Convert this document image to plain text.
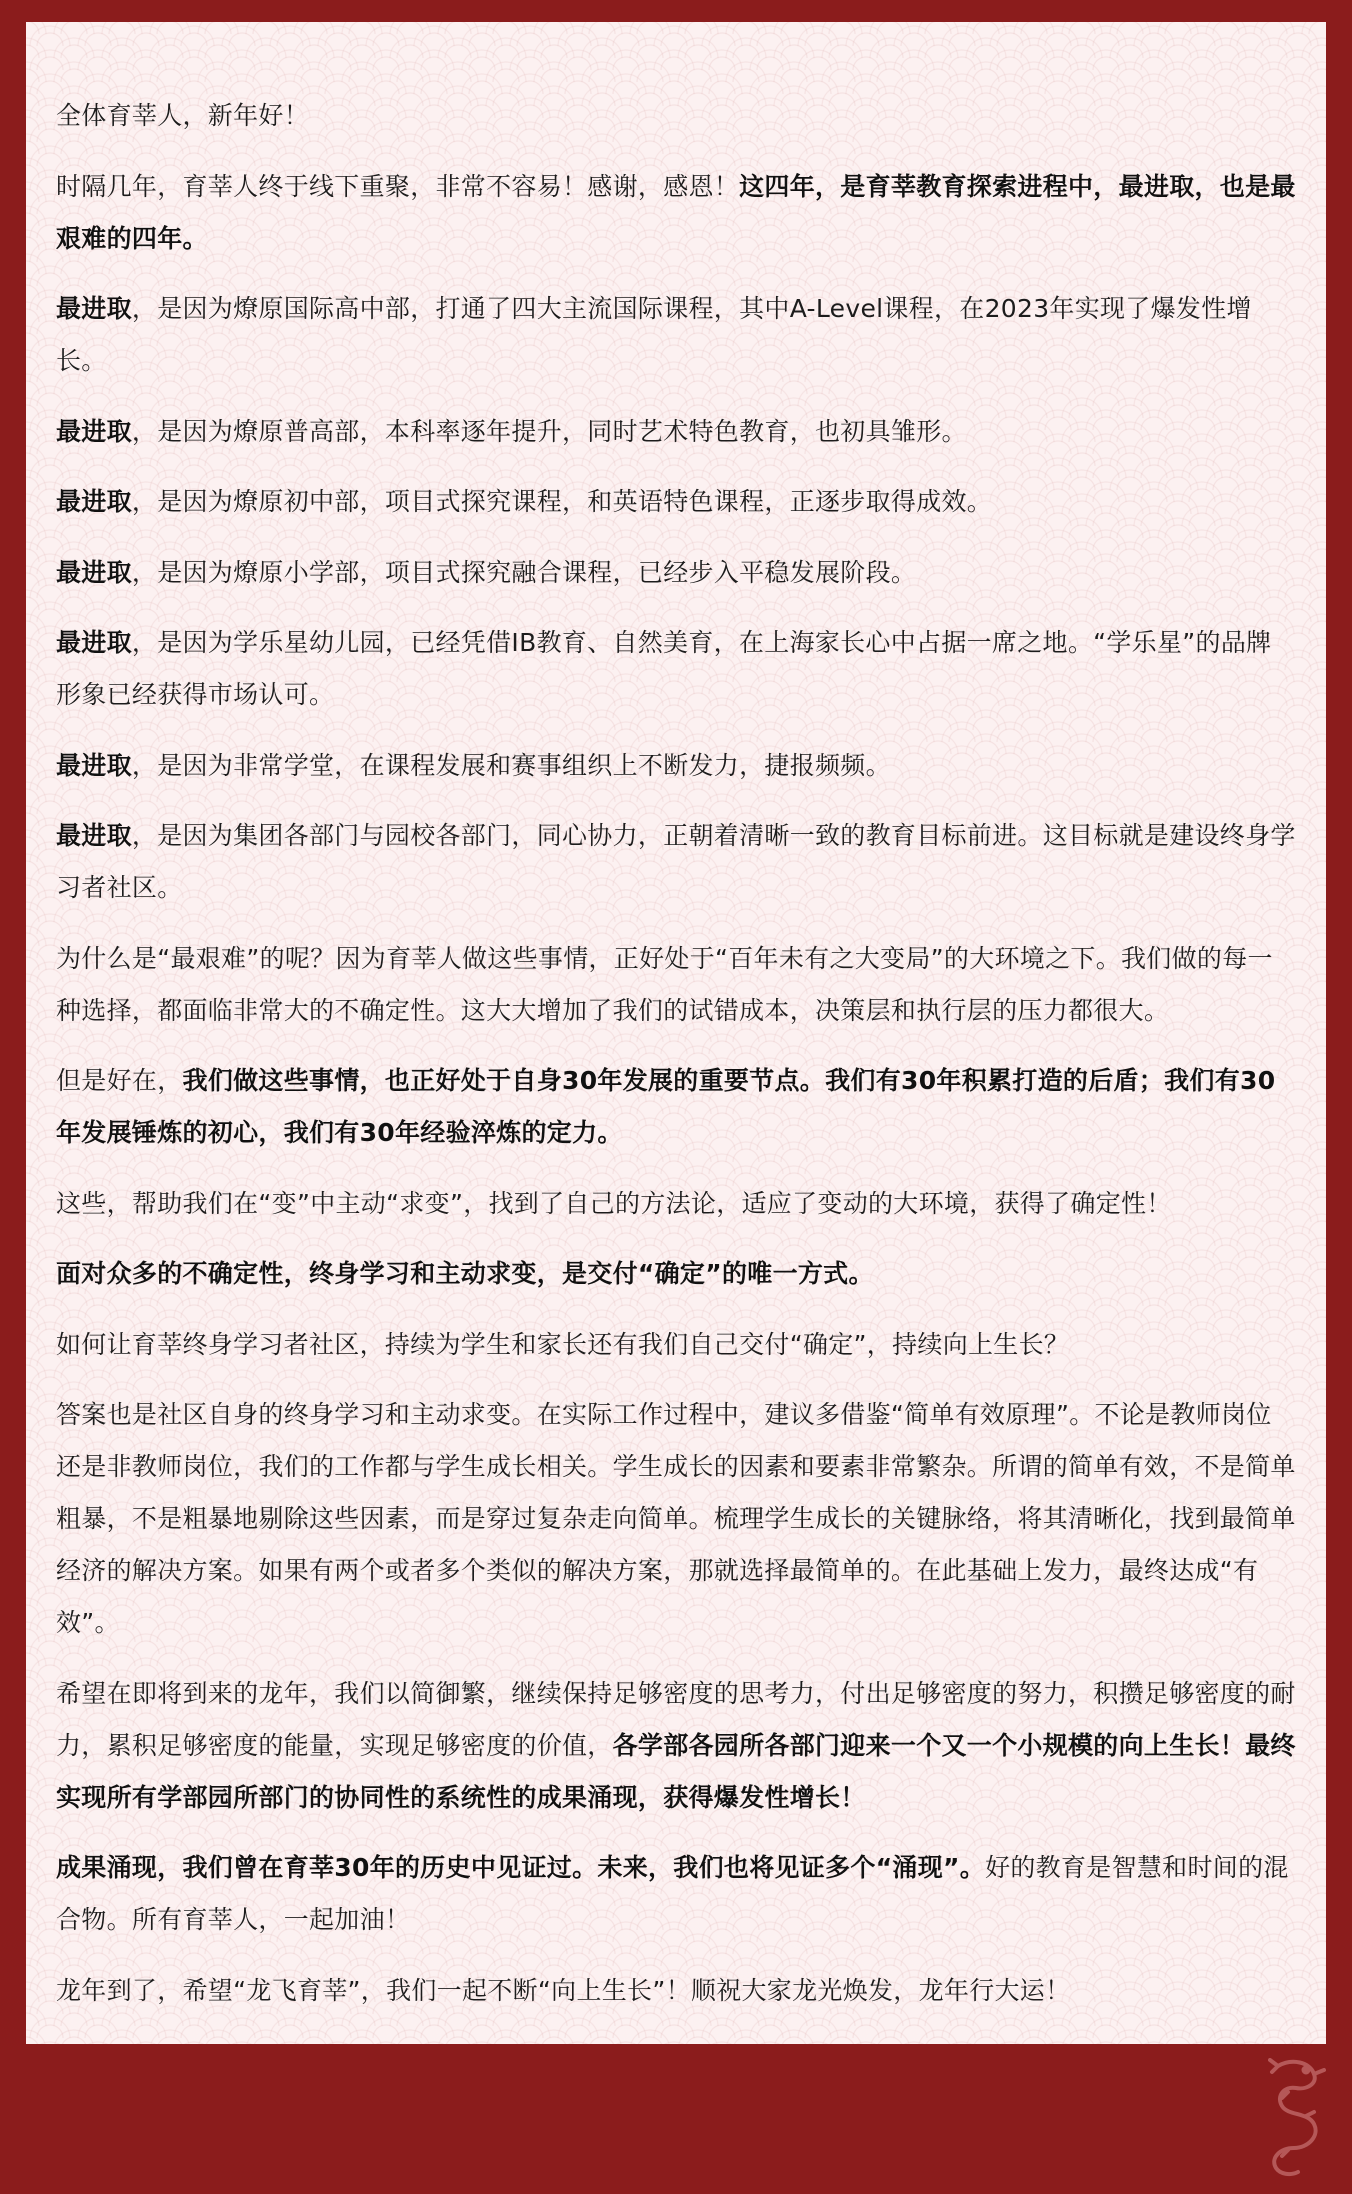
全体育莘人，新年好！

时隔几年，育莘人终于线下重聚，非常不容易！感谢，感恩！这四年，是育莘教育探索进程中，最进取，也是最艰难的四年。

最进取，是因为燎原国际高中部，打通了四大主流国际课程，其中A-Level课程，在2023年实现了爆发性增长。

最进取，是因为燎原普高部，本科率逐年提升，同时艺术特色教育，也初具雏形。

最进取，是因为燎原初中部，项目式探究课程，和英语特色课程，正逐步取得成效。

最进取，是因为燎原小学部，项目式探究融合课程，已经步入平稳发展阶段。

最进取，是因为学乐星幼儿园，已经凭借IB教育、自然美育，在上海家长心中占据一席之地。“学乐星”的品牌形象已经获得市场认可。

最进取，是因为非常学堂，在课程发展和赛事组织上不断发力，捷报频频。

最进取，是因为集团各部门与园校各部门，同心协力，正朝着清晰一致的教育目标前进。这目标就是建设终身学习者社区。

为什么是“最艰难”的呢？因为育莘人做这些事情，正好处于“百年未有之大变局”的大环境之下。我们做的每一种选择，都面临非常大的不确定性。这大大增加了我们的试错成本，决策层和执行层的压力都很大。

但是好在，我们做这些事情，也正好处于自身30年发展的重要节点。我们有30年积累打造的后盾；我们有30年发展锤炼的初心，我们有30年经验淬炼的定力。

这些，帮助我们在“变”中主动“求变”，找到了自己的方法论，适应了变动的大环境，获得了确定性！

面对众多的不确定性，终身学习和主动求变，是交付“确定”的唯一方式。

如何让育莘终身学习者社区，持续为学生和家长还有我们自己交付“确定”，持续向上生长？

答案也是社区自身的终身学习和主动求变。在实际工作过程中，建议多借鉴“简单有效原理”。不论是教师岗位还是非教师岗位，我们的工作都与学生成长相关。学生成长的因素和要素非常繁杂。所谓的简单有效，不是简单粗暴，不是粗暴地剔除这些因素，而是穿过复杂走向简单。梳理学生成长的关键脉络，将其清晰化，找到最简单经济的解决方案。如果有两个或者多个类似的解决方案，那就选择最简单的。在此基础上发力，最终达成“有效”。

希望在即将到来的龙年，我们以简御繁，继续保持足够密度的思考力，付出足够密度的努力，积攒足够密度的耐力，累积足够密度的能量，实现足够密度的价值，各学部各园所各部门迎来一个又一个小规模的向上生长！最终实现所有学部园所部门的协同性的系统性的成果涌现，获得爆发性增长！

成果涌现，我们曾在育莘30年的历史中见证过。未来，我们也将见证多个“涌现”。好的教育是智慧和时间的混合物。所有育莘人，一起加油！

龙年到了，希望“龙飞育莘”，我们一起不断“向上生长”！顺祝大家龙光焕发，龙年行大运！
